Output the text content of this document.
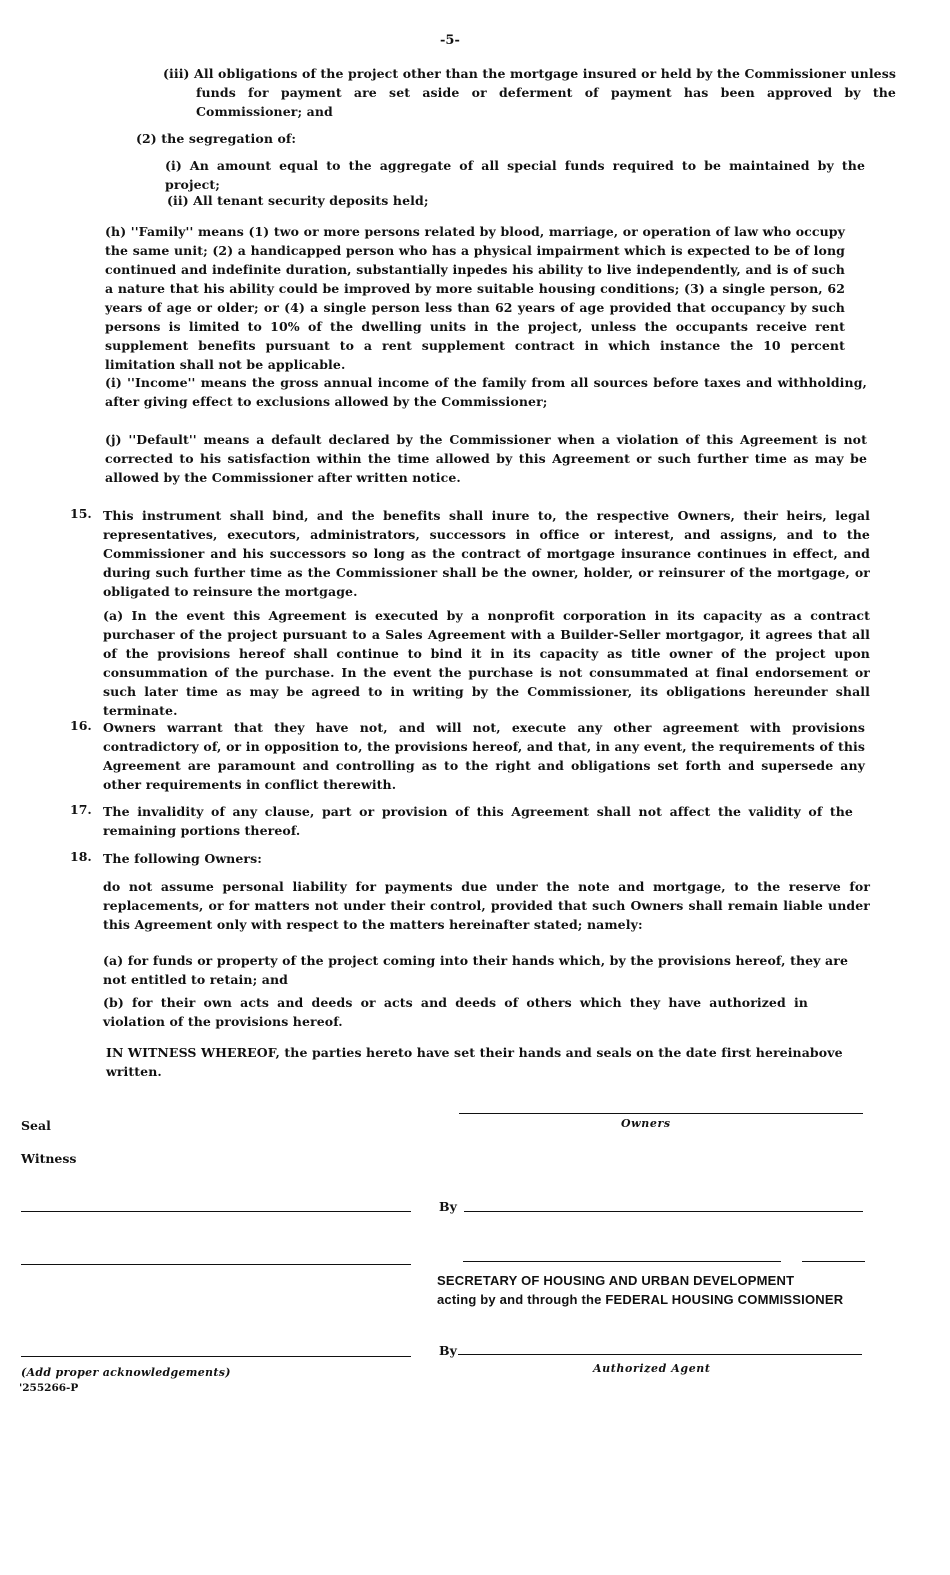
-5-
(iii) All obligations of the project other than the mortgage insured or held by the Commissioner unless funds for payment are set aside or deferment of payment has been approved by the Commissioner; and
(2) the segregation of:
(i) An amount equal to the aggregate of all special funds required to be maintained by the project;
(ii) All tenant security deposits held;
(h) ''Family'' means (1) two or more persons related by blood, marriage, or operation of law who occupy the same unit; (2) a handicapped person who has a physical impairment which is expected to be of long continued and indefinite duration, substantially inpedes his ability to live independently, and is of such a nature that his ability could be improved by more suitable housing conditions; (3) a single person, 62 years of age or older; or (4) a single person less than 62 years of age provided that occupancy by such persons is limited to 10% of the dwelling units in the project, unless the occupants receive rent supplement benefits pursuant to a rent supplement contract in which instance the 10 percent limitation shall not be applicable.
(i) ''Income'' means the gross annual income of the family from all sources before taxes and withholding, after giving effect to exclusions allowed by the Commissioner;
(j) ''Default'' means a default declared by the Commissioner when a violation of this Agreement is not corrected to his satisfaction within the time allowed by this Agreement or such further time as may be allowed by the Commissioner after written notice.
15. This instrument shall bind, and the benefits shall inure to, the respective Owners, their heirs, legal representatives, executors, administrators, successors in office or interest, and assigns, and to the Commissioner and his successors so long as the contract of mortgage insurance continues in effect, and during such further time as the Commissioner shall be the owner, holder, or reinsurer of the mortgage, or obligated to reinsure the mortgage.
(a) In the event this Agreement is executed by a nonprofit corporation in its capacity as a contract purchaser of the project pursuant to a Sales Agreement with a Builder-Seller mortgagor, it agrees that all of the provisions hereof shall continue to bind it in its capacity as title owner of the project upon consummation of the purchase. In the event the purchase is not consummated at final endorsement or such later time as may be agreed to in writing by the Commissioner, its obligations hereunder shall terminate.
16. Owners warrant that they have not, and will not, execute any other agreement with provisions contradictory of, or in opposition to, the provisions hereof, and that, in any event, the requirements of this Agreement are paramount and controlling as to the right and obligations set forth and supersede any other requirements in conflict therewith.
17. The invalidity of any clause, part or provision of this Agreement shall not affect the validity of the remaining portions thereof.
18. The following Owners:
do not assume personal liability for payments due under the note and mortgage, to the reserve for replacements, or for matters not under their control, provided that such Owners shall remain liable under this Agreement only with respect to the matters hereinafter stated; namely:
(a) for funds or property of the project coming into their hands which, by the provisions hereof, they are not entitled to retain; and
(b) for their own acts and deeds or acts and deeds of others which they have authorized in violation of the provisions hereof.
IN WITNESS WHEREOF, the parties hereto have set their hands and seals on the date first hereinabove written.
Owners
Seal
Witness
By
SECRETARY OF HOUSING AND URBAN DEVELOPMENT
acting by and through the FEDERAL HOUSING COMMISSIONER
By
Authorized Agent
(Add proper acknowledgements)
'255266-P
